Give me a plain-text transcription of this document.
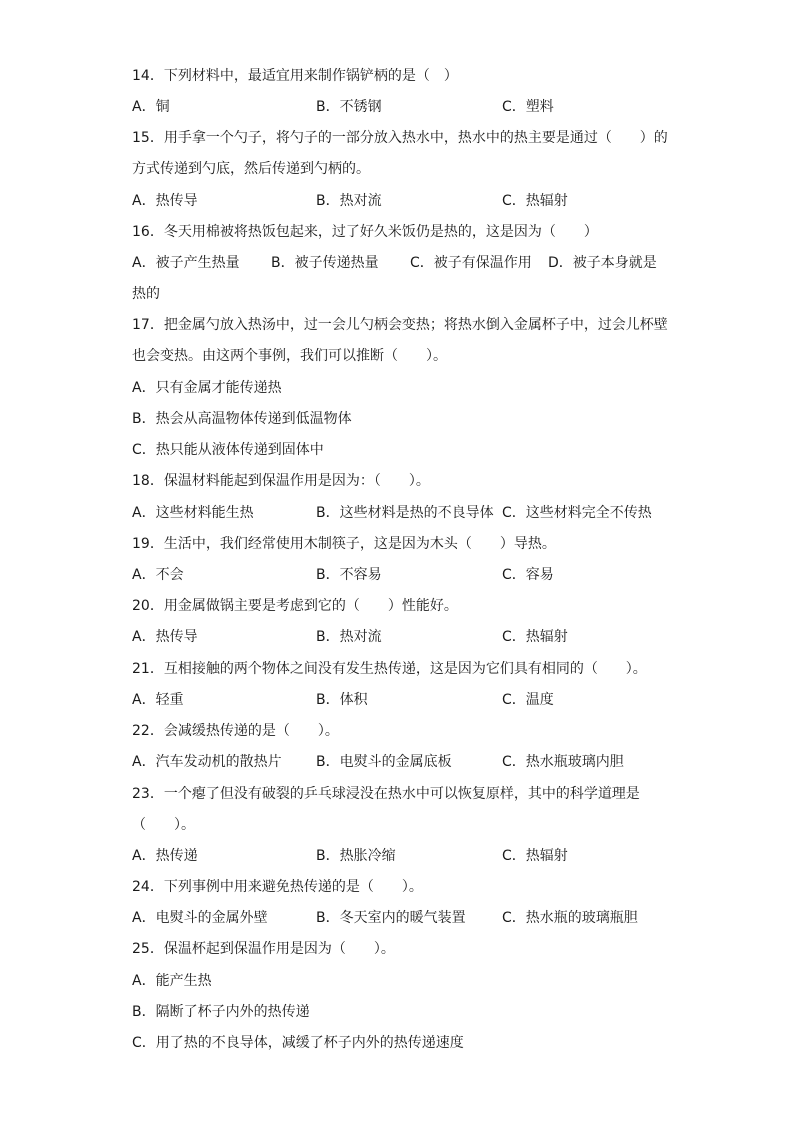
14．下列材料中，最适宜用来制作锅铲柄的是（　）
A．铜	B．不锈钢	C．塑料
15．用手拿一个勺子，将勺子的一部分放入热水中，热水中的热主要是通过（　　）的
方式传递到勺底，然后传递到勺柄的。
A．热传导	B．热对流	C．热辐射
16．冬天用棉被将热饭包起来，过了好久米饭仍是热的，这是因为（　　）
A．被子产生热量 B．被子传递热量 C．被子有保温作用 D．被子本身就是
热的
17．把金属勺放入热汤中，过一会儿勺柄会变热；将热水倒入金属杯子中，过会儿杯壁
也会变热。由这两个事例，我们可以推断（　　）。
A．只有金属才能传递热
B．热会从高温物体传递到低温物体
C．热只能从液体传递到固体中
18．保温材料能起到保温作用是因为：（　　）。
A．这些材料能生热	B．这些材料是热的不良导体 C．这些材料完全不传热
19．生活中，我们经常使用木制筷子，这是因为木头（　　）导热。
A．不会	B．不容易	C．容易
20．用金属做锅主要是考虑到它的（　　）性能好。
A．热传导	B．热对流	C．热辐射
21．互相接触的两个物体之间没有发生热传递，这是因为它们具有相同的（　　）。
A．轻重	B．体积	C．温度
22．会减缓热传递的是（　　）。
A．汽车发动机的散热片 B．电熨斗的金属底板	C．热水瓶玻璃内胆
23．一个瘪了但没有破裂的乒乓球浸没在热水中可以恢复原样，其中的科学道理是
（　　）。
A．热传递	B．热胀冷缩	C．热辐射
24．下列事例中用来避免热传递的是（　　）。
A．电熨斗的金属外壁	B．冬天室内的暖气装置	C．热水瓶的玻璃瓶胆
25．保温杯起到保温作用是因为（　　）。
A．能产生热
B．隔断了杯子内外的热传递
C．用了热的不良导体，减缓了杯子内外的热传递速度
